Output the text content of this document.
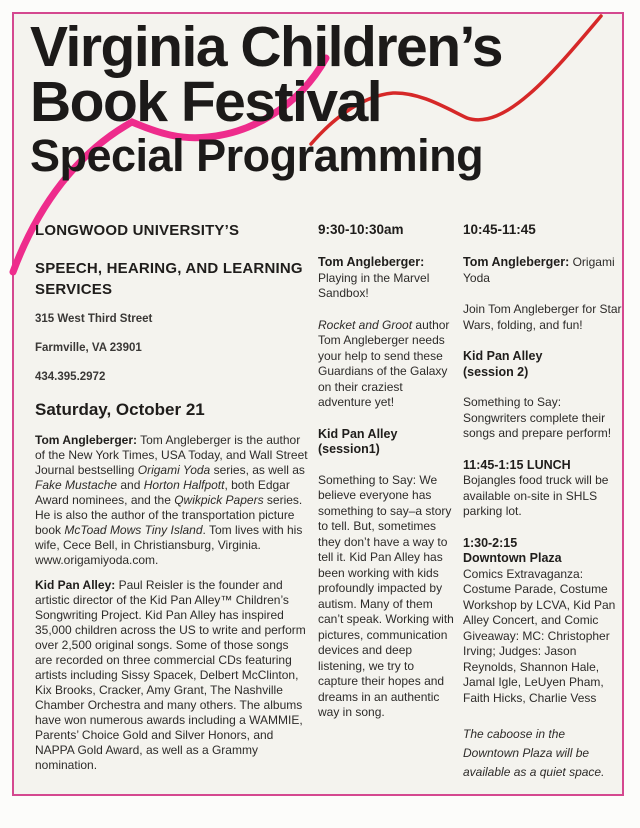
Virginia Children’s
Book Festival
Special Programming

LONGWOOD UNIVERSITY’S

SPEECH, HEARING, AND LEARNING SERVICES

315 West Third Street

Farmville, VA 23901

434.395.2972

Saturday, October 21

Tom Angleberger: Tom Angleberger is the author of the New York Times, USA Today, and Wall Street Journal bestselling Origami Yoda series, as well as Fake Mustache and Horton Halfpott, both Edgar Award nominees, and the Qwikpick Papers series. He is also the author of the transportation picture book McToad Mows Tiny Island. Tom lives with his wife, Cece Bell, in Christiansburg, Virginia. www.origamiyoda.com.

Kid Pan Alley: Paul Reisler is the founder and artistic director of the Kid Pan Alley™ Children’s Songwriting Project. Kid Pan Alley has inspired 35,000 children across the US to write and perform over 2,500 original songs. Some of those songs are recorded on three commercial CDs featuring artists including Sissy Spacek, Delbert McClinton, Kix Brooks, Cracker, Amy Grant, The Nashville Chamber Orchestra and many others. The albums have won numerous awards including a WAMMIE, Parents’ Choice Gold and Silver Honors, and NAPPA Gold Award, as well as a Grammy nomination.

9:30-10:30am

Tom Angleberger:
Playing in the Marvel Sandbox!

Rocket and Groot author Tom Angleberger needs your help to send these Guardians of the Galaxy on their craziest adventure yet!

Kid Pan Alley
(session1)

Something to Say: We believe everyone has something to say–a story to tell. But, sometimes they don’t have a way to tell it. Kid Pan Alley has been working with kids profoundly impacted by autism. Many of them can’t speak. Working with pictures, communication devices and deep listening, we try to capture their hopes and dreams in an authentic way in song.

10:45-11:45

Tom Angleberger: Origami Yoda

Join Tom Angleberger for Star Wars, folding, and fun!

Kid Pan Alley
(session 2)

Something to Say: Songwriters complete their songs and prepare perform!

11:45-1:15 LUNCH
Bojangles food truck will be available on-site in SHLS parking lot.

1:30-2:15
Downtown Plaza
Comics Extravaganza: Costume Parade, Costume Workshop by LCVA, Kid Pan Alley Concert, and Comic Giveaway: MC: Christopher Irving; Judges: Jason Reynolds, Shannon Hale, Jamal Igle, LeUyen Pham, Faith Hicks, Charlie Vess

The caboose in the Downtown Plaza will be available as a quiet space.
